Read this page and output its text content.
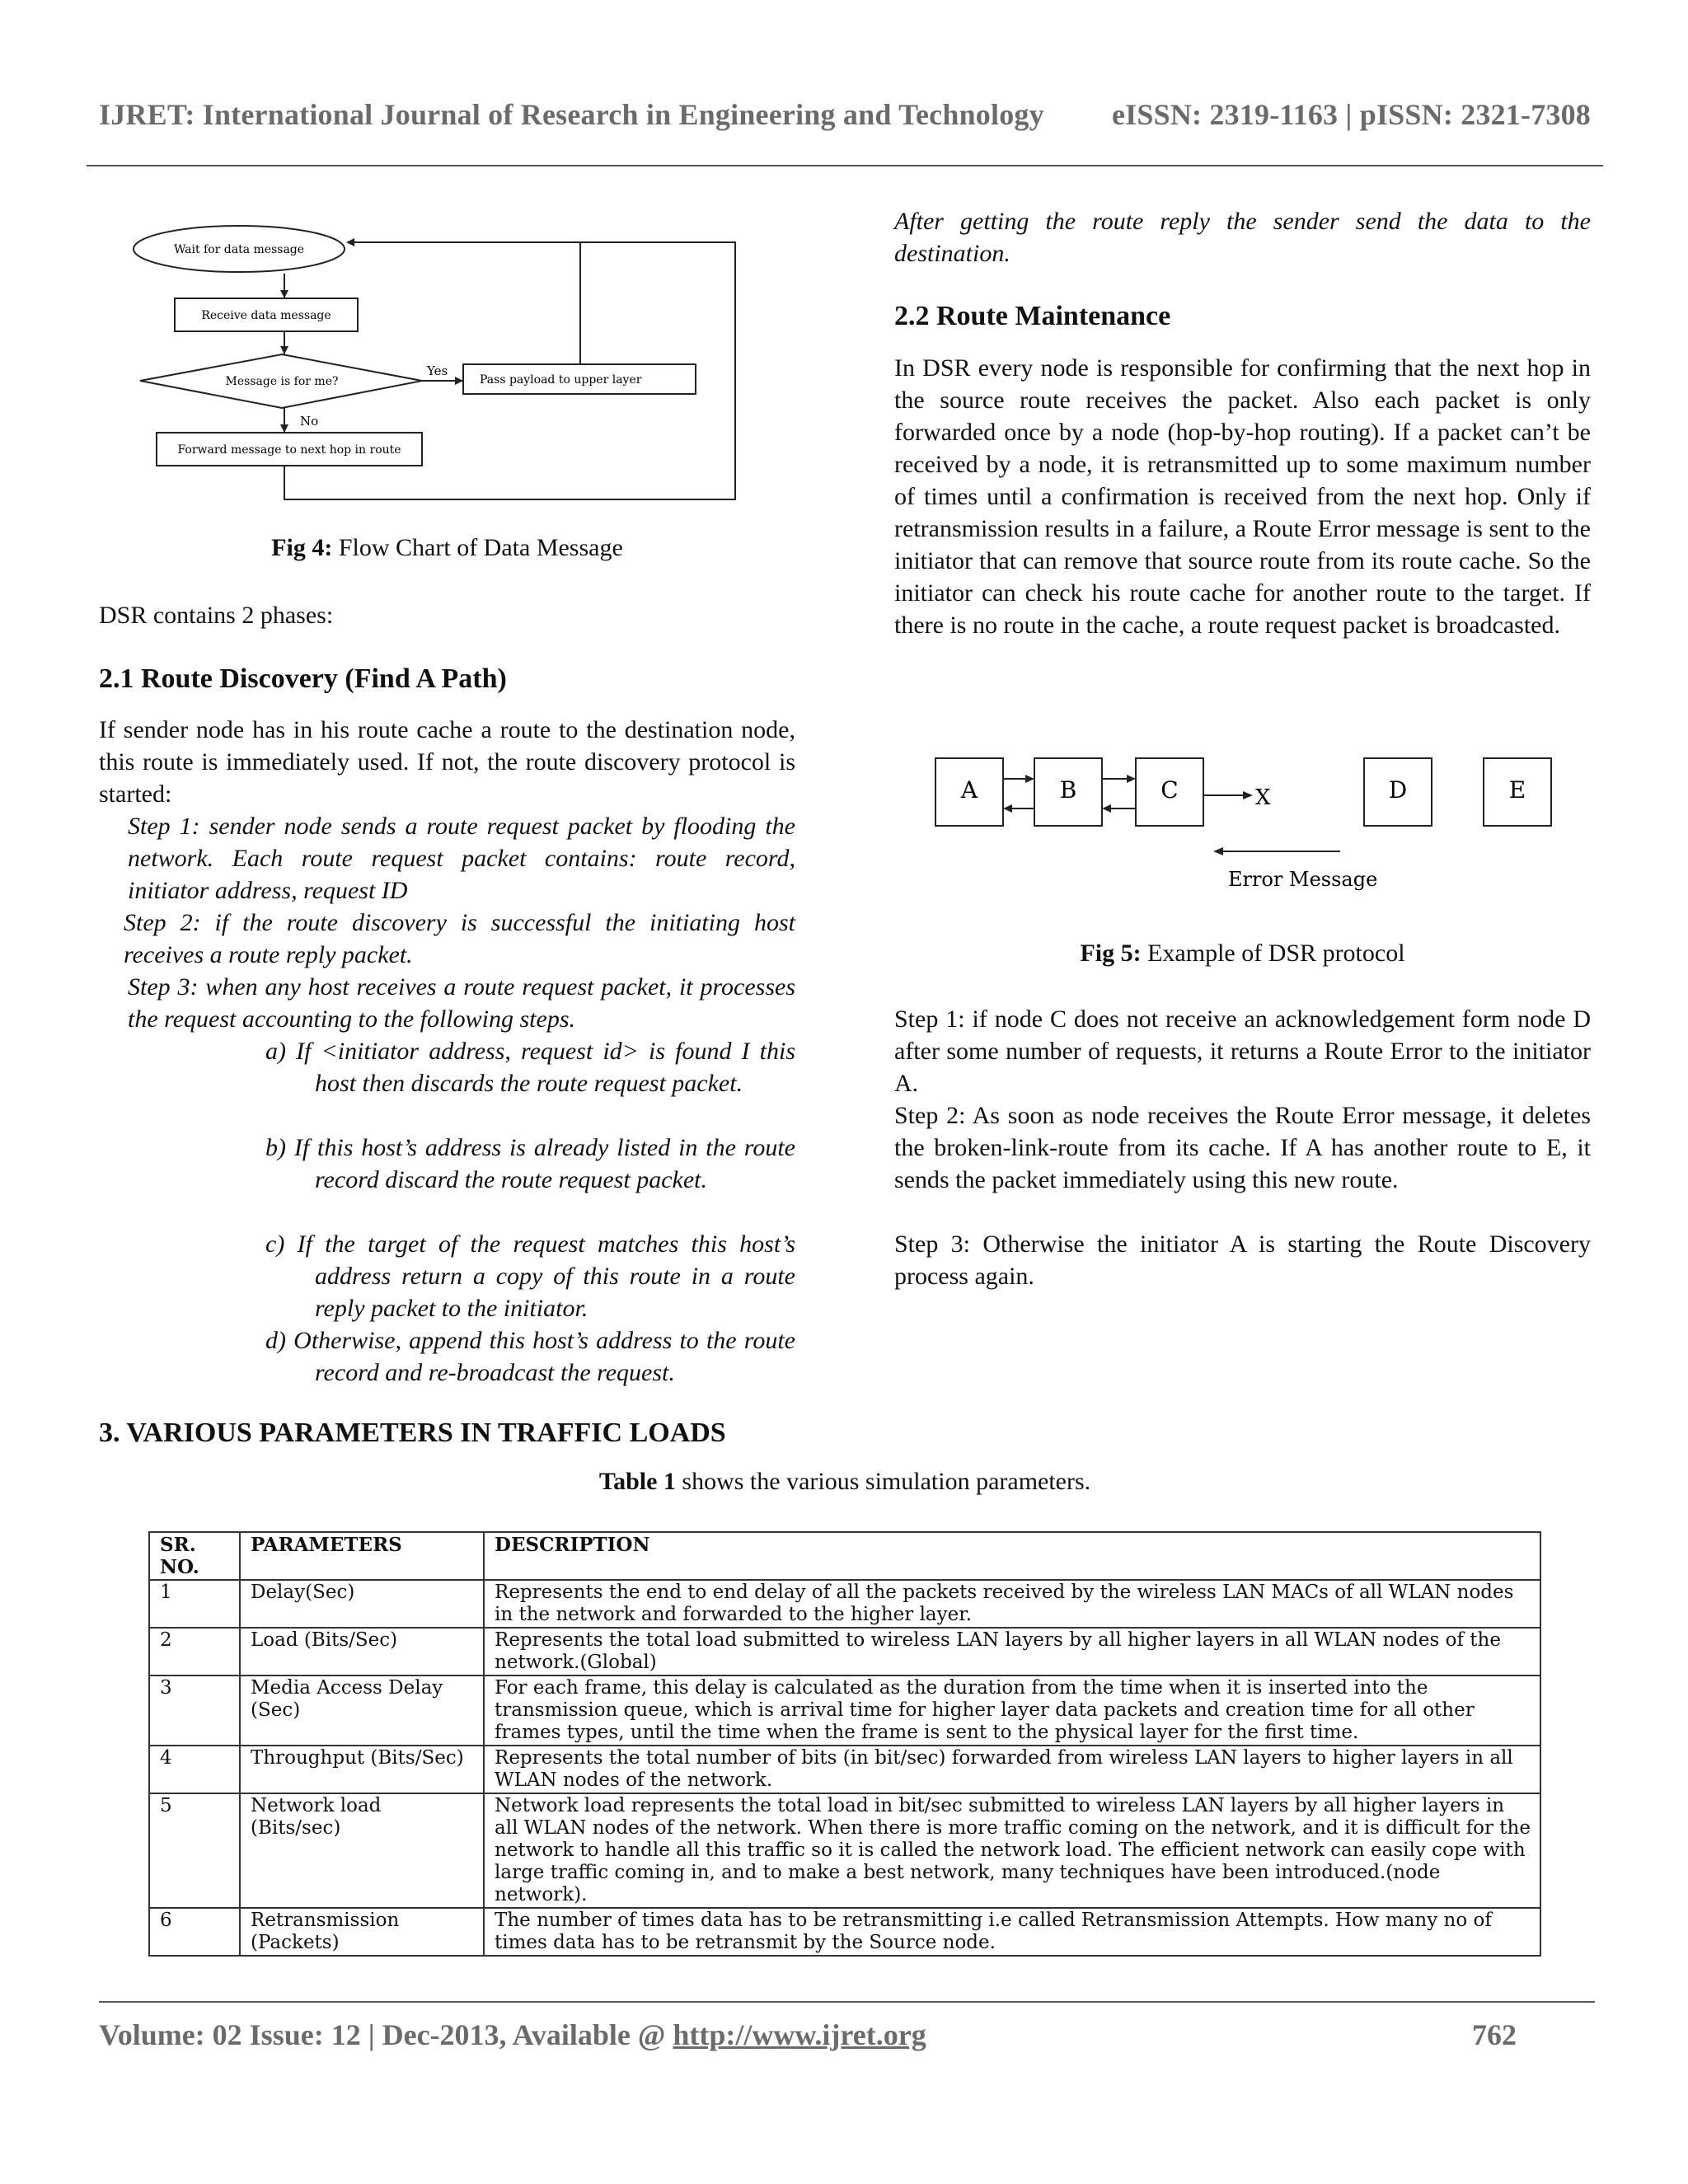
IJRET: International Journal of Research in Engineering and Technology eISSN: 2319-1163 | pISSN: 2321-7308
Wait for data message
Receive data message
Message is for me?	Pass payload to upper layer
Forward message to next hop in route
Yes
No
Fig 4: Flow Chart of Data Message
DSR contains 2 phases:
2.1 Route Discovery (Find A Path)
If sender node has in his route cache a route to the destination node, this route is immediately used. If not, the route discovery protocol is started:
Step 1: sender node sends a route request packet by flooding the network. Each route request packet contains: route record, initiator address, request ID
Step 2: if the route discovery is successful the initiating host receives a route reply packet.
Step 3: when any host receives a route request packet, it processes the request accounting to the following steps.
a) If <initiator address, request id> is found I this host then discards the route request packet.
b) If this host’s address is already listed in the route record discard the route request packet.
c) If the target of the request matches this host’s address return a copy of this route in a route reply packet to the initiator.
d) Otherwise, append this host’s address to the route record and re-broadcast the request.
After getting the route reply the sender send the data to the destination.
2.2 Route Maintenance
In DSR every node is responsible for confirming that the next hop in the source route receives the packet. Also each packet is only forwarded once by a node (hop-by-hop routing). If a packet can’t be received by a node, it is retransmitted up to some maximum number of times until a confirmation is received from the next hop. Only if retransmission results in a failure, a Route Error message is sent to the initiator that can remove that source route from its route cache. So the initiator can check his route cache for another route to the target. If there is no route in the cache, a route request packet is broadcasted.
A	B	C	D	E
X
Error Message
Fig 5: Example of DSR protocol
Step 1: if node C does not receive an acknowledgement form node D after some number of requests, it returns a Route Error to the initiator A.
Step 2: As soon as node receives the Route Error message, it deletes the broken-link-route from its cache. If A has another route to E, it sends the packet immediately using this new route.
Step 3: Otherwise the initiator A is starting the Route Discovery process again.
3. VARIOUS PARAMETERS IN TRAFFIC LOADS
Table 1 shows the various simulation parameters.
SR. NO.	PARAMETERS	DESCRIPTION
1	Delay(Sec)	Represents the end to end delay of all the packets received by the wireless LAN MACs of all WLAN nodes in the network and forwarded to the higher layer.
2	Load (Bits/Sec)	Represents the total load submitted to wireless LAN layers by all higher layers in all WLAN nodes of the network.(Global)
3	Media Access Delay (Sec)	For each frame, this delay is calculated as the duration from the time when it is inserted into the transmission queue, which is arrival time for higher layer data packets and creation time for all other frames types, until the time when the frame is sent to the physical layer for the first time.
4	Throughput (Bits/Sec)	Represents the total number of bits (in bit/sec) forwarded from wireless LAN layers to higher layers in all WLAN nodes of the network.
5	Network load (Bits/sec)	Network load represents the total load in bit/sec submitted to wireless LAN layers by all higher layers in all WLAN nodes of the network. When there is more traffic coming on the network, and it is difficult for the network to handle all this traffic so it is called the network load. The efficient network can easily cope with large traffic coming in, and to make a best network, many techniques have been introduced.(node network).
6	Retransmission (Packets)	The number of times data has to be retransmitting i.e called Retransmission Attempts. How many no of times data has to be retransmit by the Source node.
Volume: 02 Issue: 12 | Dec-2013, Available @ http://www.ijret.org	762
